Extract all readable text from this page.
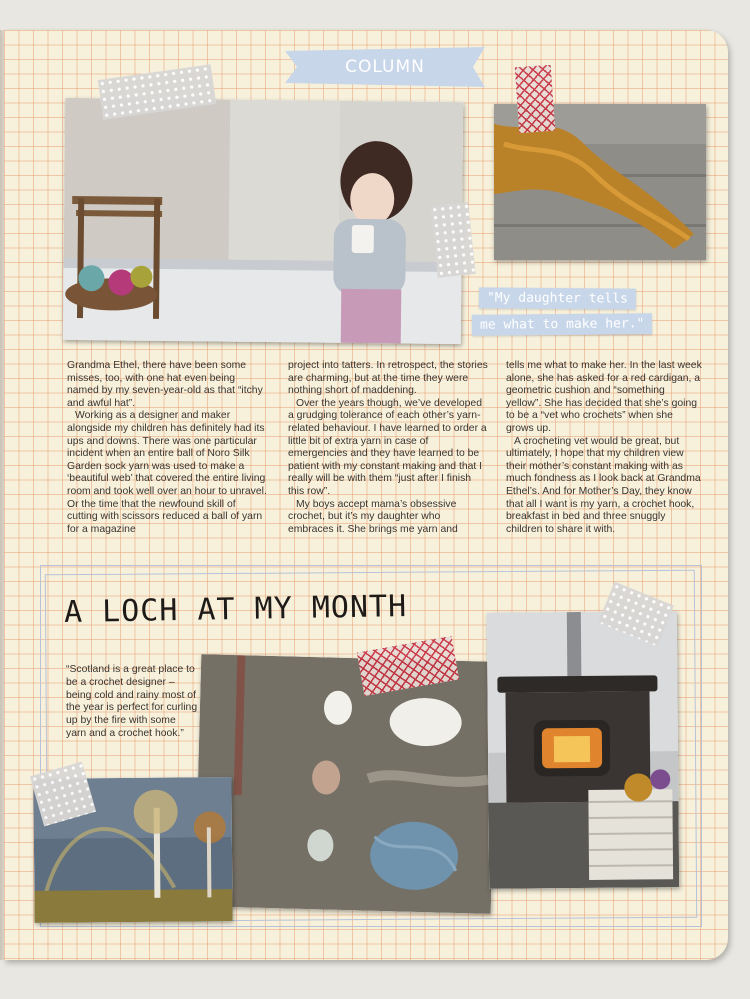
COLUMN
"My daughter tells
me what to make her."

Grandma Ethel, there have been some misses, too, with one hat even being named by my seven-year-old as that “itchy and awful hat”.

Working as a designer and maker alongside my children has definitely had its ups and downs. There was one particular incident when an entire ball of Noro Silk Garden sock yarn was used to make a ‘beautiful web’ that covered the entire living room and took well over an hour to unravel. Or the time that the newfound skill of cutting with scissors reduced a ball of yarn for a magazine

project into tatters. In retrospect, the stories are charming, but at the time they were nothing short of maddening.

Over the years though, we’ve developed a grudging tolerance of each other’s yarn-related behaviour. I have learned to order a little bit of extra yarn in case of emergencies and they have learned to be patient with my constant making and that I really will be with them “just after I finish this row”.

My boys accept mama’s obsessive crochet, but it’s my daughter who embraces it. She brings me yarn and

tells me what to make her. In the last week alone, she has asked for a red cardigan, a geometric cushion and “something yellow”. She has decided that she’s going to be a “vet who crochets” when she grows up.

A crocheting vet would be great, but ultimately, I hope that my children view their mother’s constant making with as much fondness as I look back at Grandma Ethel’s. And for Mother’s Day, they know that all I want is my yarn, a crochet hook, breakfast in bed and three snuggly children to share it with.

A LOCH AT MY MONTH
“Scotland is a great place to be a crochet designer – being cold and rainy most of the year is perfect for curling up by the fire with some yarn and a crochet hook.”
